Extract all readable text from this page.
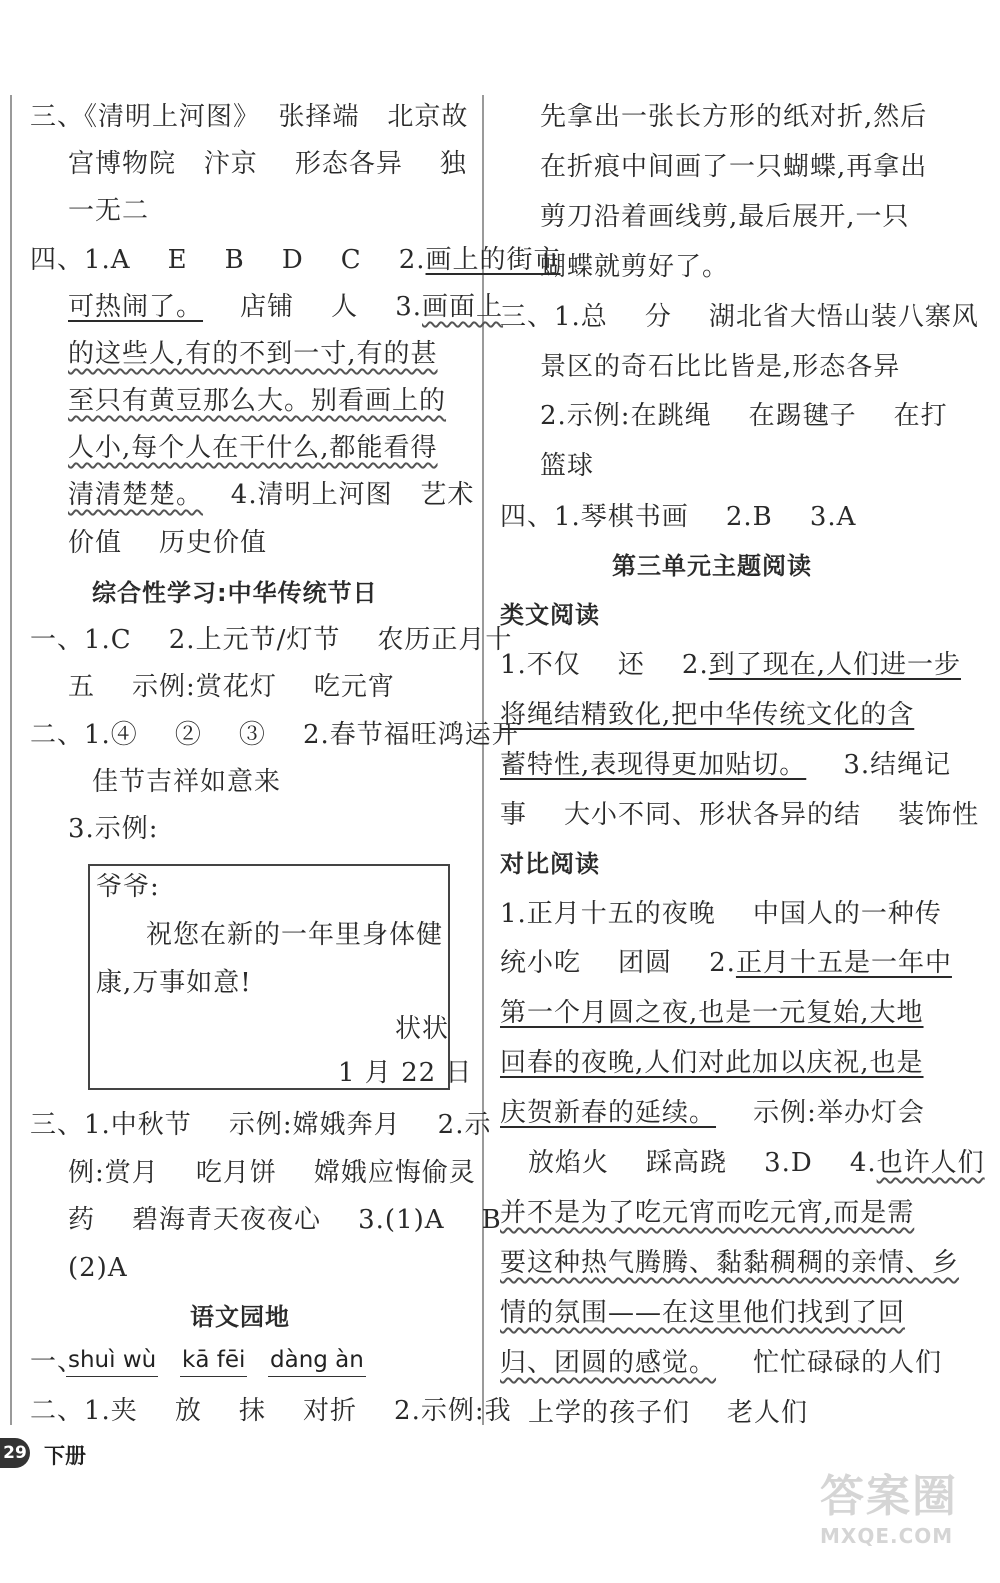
三、《清明上河图》  张择端   北京故
宫博物院   汴京    形态各异    独
一无二
四、1.A    E    B    D    C    2.画上的街市
可热闹了。    店铺    人    3.画面上
的这些人,有的不到一寸,有的甚
至只有黄豆那么大。别看画上的
人小,每个人在干什么,都能看得
清清楚楚。   4.清明上河图   艺术
价值    历史价值
综合性学习:中华传统节日
一、1.C    2.上元节/灯节    农历正月十
五    示例:赏花灯    吃元宵
二、1.④    ②    ③    2.春节福旺鸿运开
佳节吉祥如意来
3.示例:
爷爷:
祝您在新的一年里身体健
康,万事如意!
状状
1 月 22 日
三、1.中秋节    示例:嫦娥奔月    2.示
例:赏月    吃月饼    嫦娥应悔偷灵
药    碧海青天夜夜心    3.(1)A    B
(2)A
语文园地
一、
shuì wù kā fēi dàng àn
二、1.夹    放    抹    对折    2.示例:我
先拿出一张长方形的纸对折,然后
在折痕中间画了一只蝴蝶,再拿出
剪刀沿着画线剪,最后展开,一只
蝴蝶就剪好了。
三、1.总    分    湖北省大悟山装八寨风
景区的奇石比比皆是,形态各异
2.示例:在跳绳    在踢毽子    在打
篮球
四、1.琴棋书画    2.B    3.A
第三单元主题阅读
类文阅读
1.不仅    还    2.到了现在,人们进一步
将绳结精致化,把中华传统文化的含
蓄特性,表现得更加贴切。    3.结绳记
事    大小不同、形状各异的结    装饰性
对比阅读
1.正月十五的夜晚    中国人的一种传
统小吃    团圆    2.正月十五是一年中
第一个月圆之夜,也是一元复始,大地
回春的夜晚,人们对此加以庆祝,也是
庆贺新春的延续。    示例:举办灯会
放焰火    踩高跷    3.D    4.也许人们
并不是为了吃元宵而吃元宵,而是需
要这种热气腾腾、黏黏稠稠的亲情、乡
情的氛围——在这里他们找到了回
归、团圆的感觉。    忙忙碌碌的人们
上学的孩子们    老人们
29 下册
答案圈
MXQE.COM
